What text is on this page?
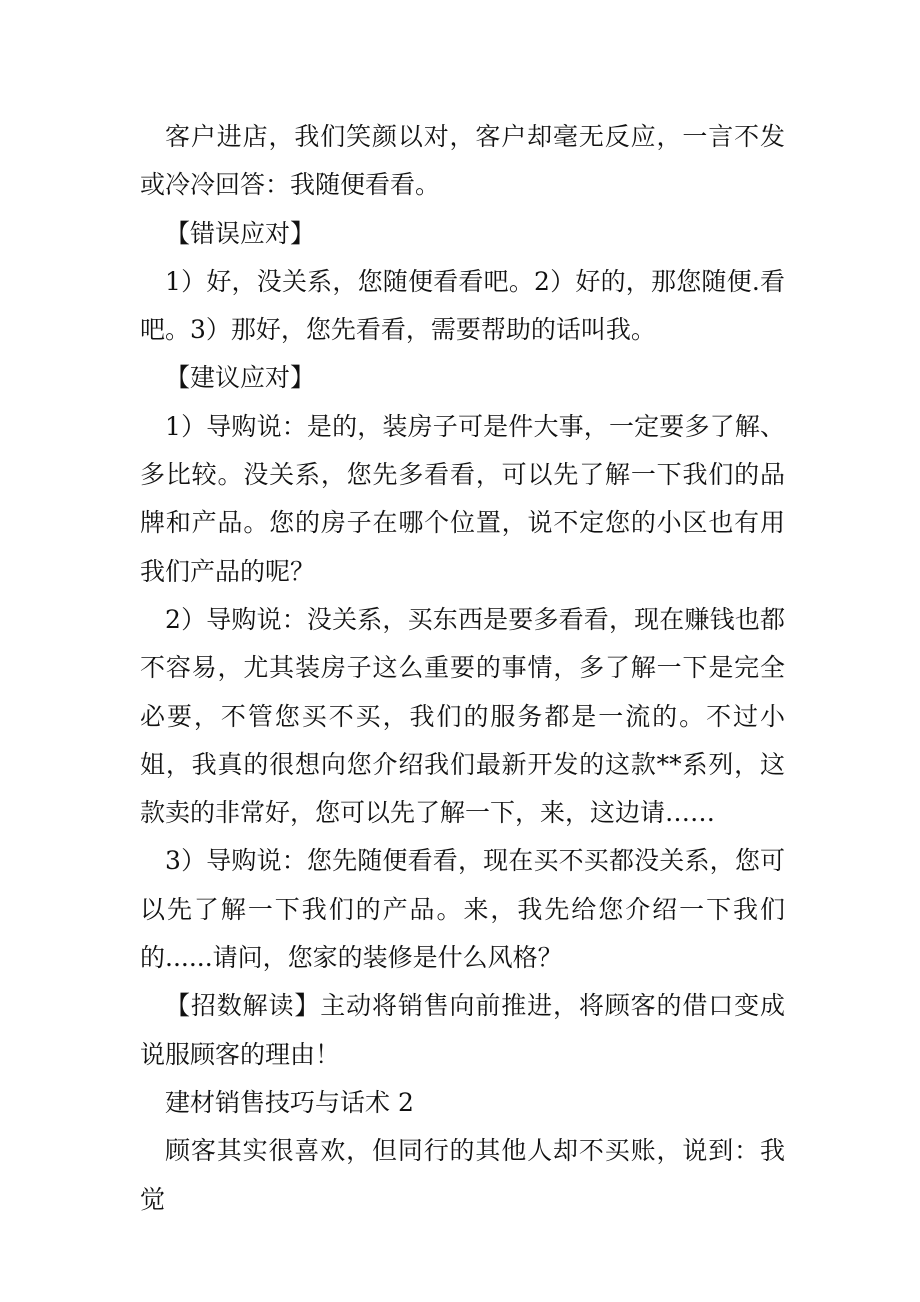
客户进店，我们笑颜以对，客户却毫无反应，一言不发或冷冷回答：我随便看看。

【错误应对】

1）好，没关系，您随便看看吧。2）好的，那您随便.看吧。3）那好，您先看看，需要帮助的话叫我。

【建议应对】

1）导购说：是的，装房子可是件大事，一定要多了解、多比较。没关系，您先多看看，可以先了解一下我们的品牌和产品。您的房子在哪个位置，说不定您的小区也有用我们产品的呢？

2）导购说：没关系，买东西是要多看看，现在赚钱也都不容易，尤其装房子这么重要的事情，多了解一下是完全必要，不管您买不买，我们的服务都是一流的。不过小姐，我真的很想向您介绍我们最新开发的这款**系列，这款卖的非常好，您可以先了解一下，来，这边请……

3）导购说：您先随便看看，现在买不买都没关系，您可以先了解一下我们的产品。来，我先给您介绍一下我们的......请问，您家的装修是什么风格？

【招数解读】主动将销售向前推进，将顾客的借口变成说服顾客的理由！

建材销售技巧与话术 2

顾客其实很喜欢，但同行的其他人却不买账，说到：我觉
